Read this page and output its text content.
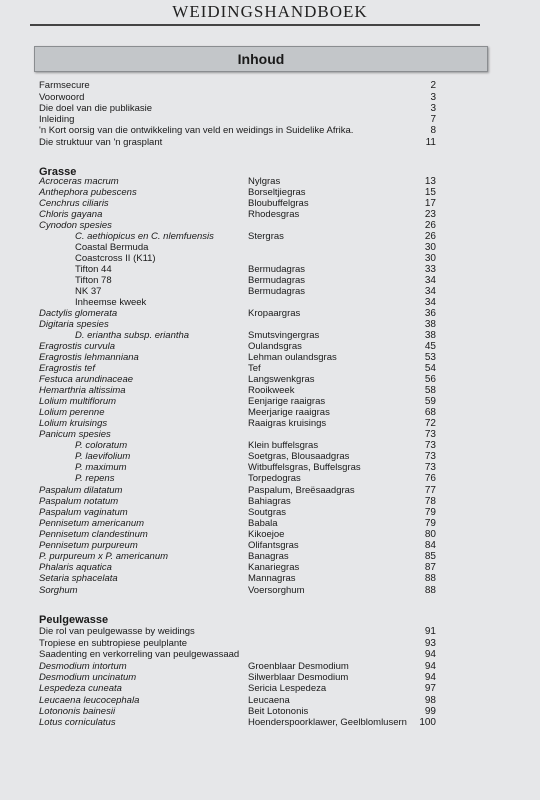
WEIDINGSHANDBOEK
Inhoud
Farmsecure	2
Voorwoord	3
Die doel van die publikasie	3
Inleiding	7
'n Kort oorsig van die ontwikkeling van veld en weidings in Suidelike Afrika.	8
Die struktuur van 'n grasplant	11
Grasse
Peulgewasse
Acroceras macrum	Nylgras	13
Anthephora pubescens	Borseltjiegras	15
Cenchrus ciliaris	Bloubuffelgras	17
Chloris gayana	Rhodesgras	23
Cynodon spesies	26
C. aethiopicus en C. nlemfuensis	Stergras	26
Coastal Bermuda	30
Coastcross II (K11)	30
Tifton 44	Bermudagras	33
Tifton 78	Bermudagras	34
NK 37	Bermudagras	34
Inheemse kweek	34
Dactylis glomerata	Kropaargras	36
Digitaria spesies	38
D. eriantha subsp. eriantha	Smutsvingergras	38
Eragrostis curvula	Oulandsgras	45
Eragrostis lehmanniana	Lehman oulandsgras	53
Eragrostis tef	Tef	54
Festuca arundinaceae	Langswenkgras	56
Hemarthria altissima	Rooikweek	58
Lolium multiflorum	Eenjarige raaigras	59
Lolium perenne	Meerjarige raaigras	68
Lolium kruisings	Raaigras kruisings	72
Panicum spesies	73
P. coloratum	Klein buffelsgras	73
P. laevifolium	Soetgras, Blousaadgras	73
P. maximum	Witbuffelsgras, Buffelsgras	73
P. repens	Torpedogras	76
Paspalum dilatatum	Paspalum, Breësaadgras	77
Paspalum notatum	Bahiagras	78
Paspalum vaginatum	Soutgras	79
Pennisetum americanum	Babala	79
Pennisetum clandestinum	Kikoejoe	80
Pennisetum purpureum	Olifantsgras	84
P. purpureum x P. americanum	Banagras	85
Phalaris aquatica	Kanariegras	87
Setaria sphacelata	Mannagras	88
Sorghum	Voersorghum	88
Die rol van peulgewasse by weidings	91
Tropiese en subtropiese peulplante	93
Saadenting en verkorreling van peulgewassaad	94
Desmodium intortum	Groenblaar Desmodium	94
Desmodium uncinatum	Silwerblaar Desmodium	94
Lespedeza cuneata	Sericia Lespedeza	97
Leucaena leucocephala	Leucaena	98
Lotononis bainesii	Beit Lotononis	99
Lotus corniculatus	Hoenderspoorklawer, Geelblomlusern 100
